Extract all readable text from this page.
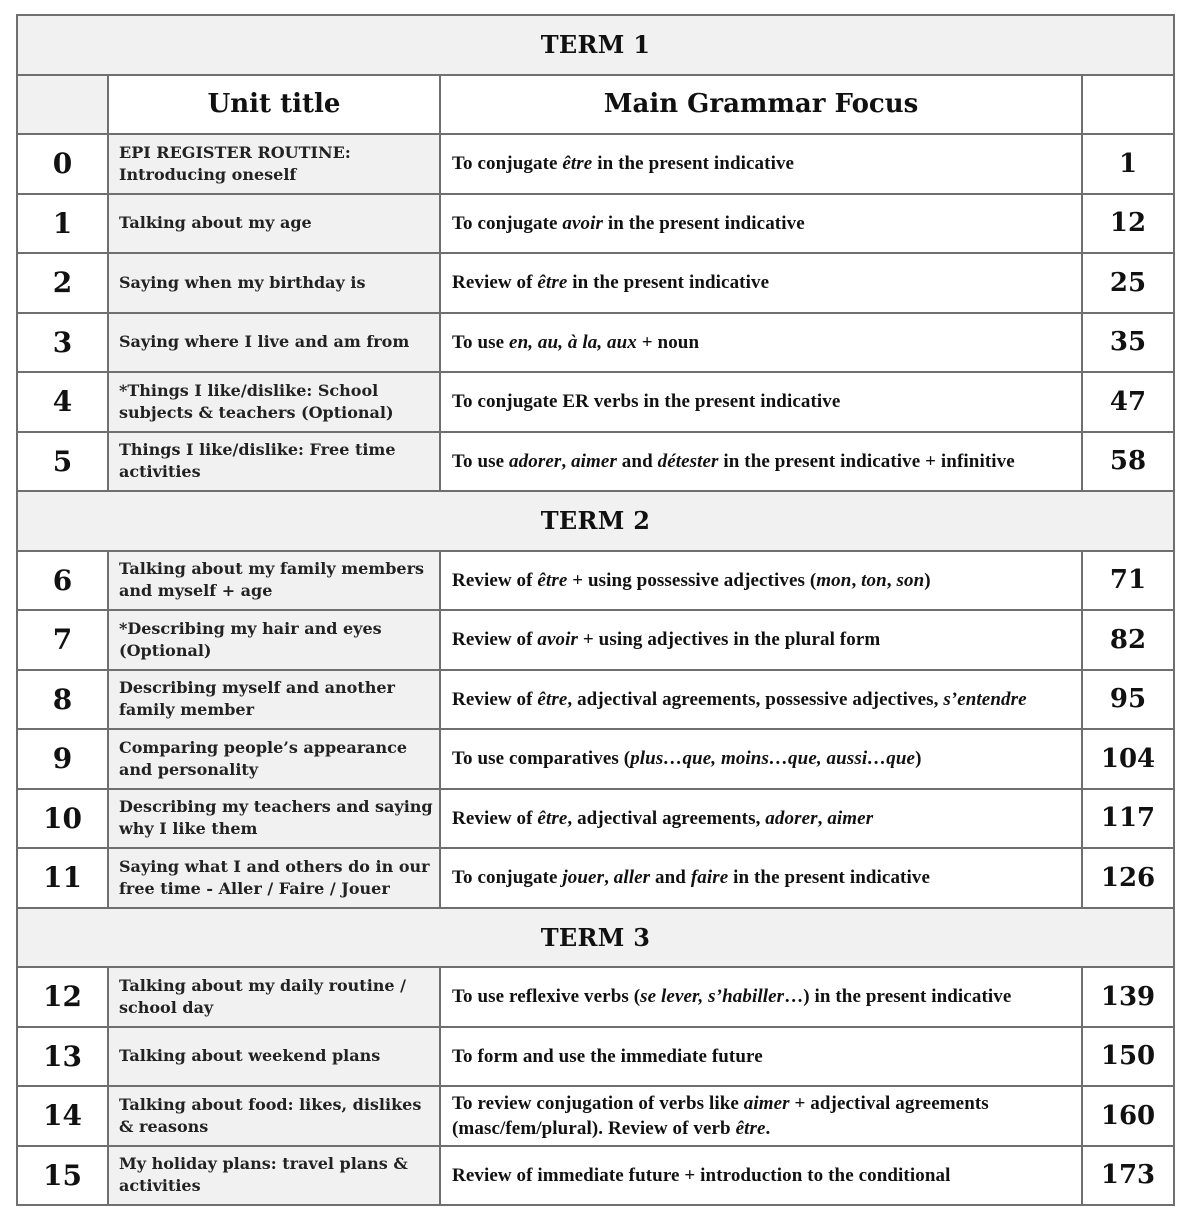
TERM 1			
	Unit title	Main Grammar Focus	
0	EPI REGISTER ROUTINE: Introducing oneself	To conjugate être in the present indicative	1
1	Talking about my age	To conjugate avoir in the present indicative	12
2	Saying when my birthday is	Review of être in the present indicative	25
3	Saying where I live and am from	To use en, au, à la, aux + noun	35
4	*Things I like/dislike: School subjects & teachers (Optional)	To conjugate ER verbs in the present indicative	47
5	Things I like/dislike: Free time activities	To use adorer, aimer and détester in the present indicative + infinitive	58
TERM 2			
6	Talking about my family members and myself + age	Review of être + using possessive adjectives (mon, ton, son)	71
7	*Describing my hair and eyes (Optional)	Review of avoir + using adjectives in the plural form	82
8	Describing myself and another family member	Review of être, adjectival agreements, possessive adjectives, s’entendre	95
9	Comparing people’s appearance and personality	To use comparatives (plus…que, moins…que, aussi…que)	104
10	Describing my teachers and saying why I like them	Review of être, adjectival agreements, adorer, aimer	117
11	Saying what I and others do in our free time - Aller / Faire / Jouer	To conjugate jouer, aller and faire in the present indicative	126
TERM 3			
12	Talking about my daily routine / school day	To use reflexive verbs (se lever, s’habiller…) in the present indicative	139
13	Talking about weekend plans	To form and use the immediate future	150
14	Talking about food: likes, dislikes & reasons	To review conjugation of verbs like aimer + adjectival agreements (masc/fem/plural). Review of verb être.	160
15	My holiday plans: travel plans & activities	Review of immediate future + introduction to the conditional	173
